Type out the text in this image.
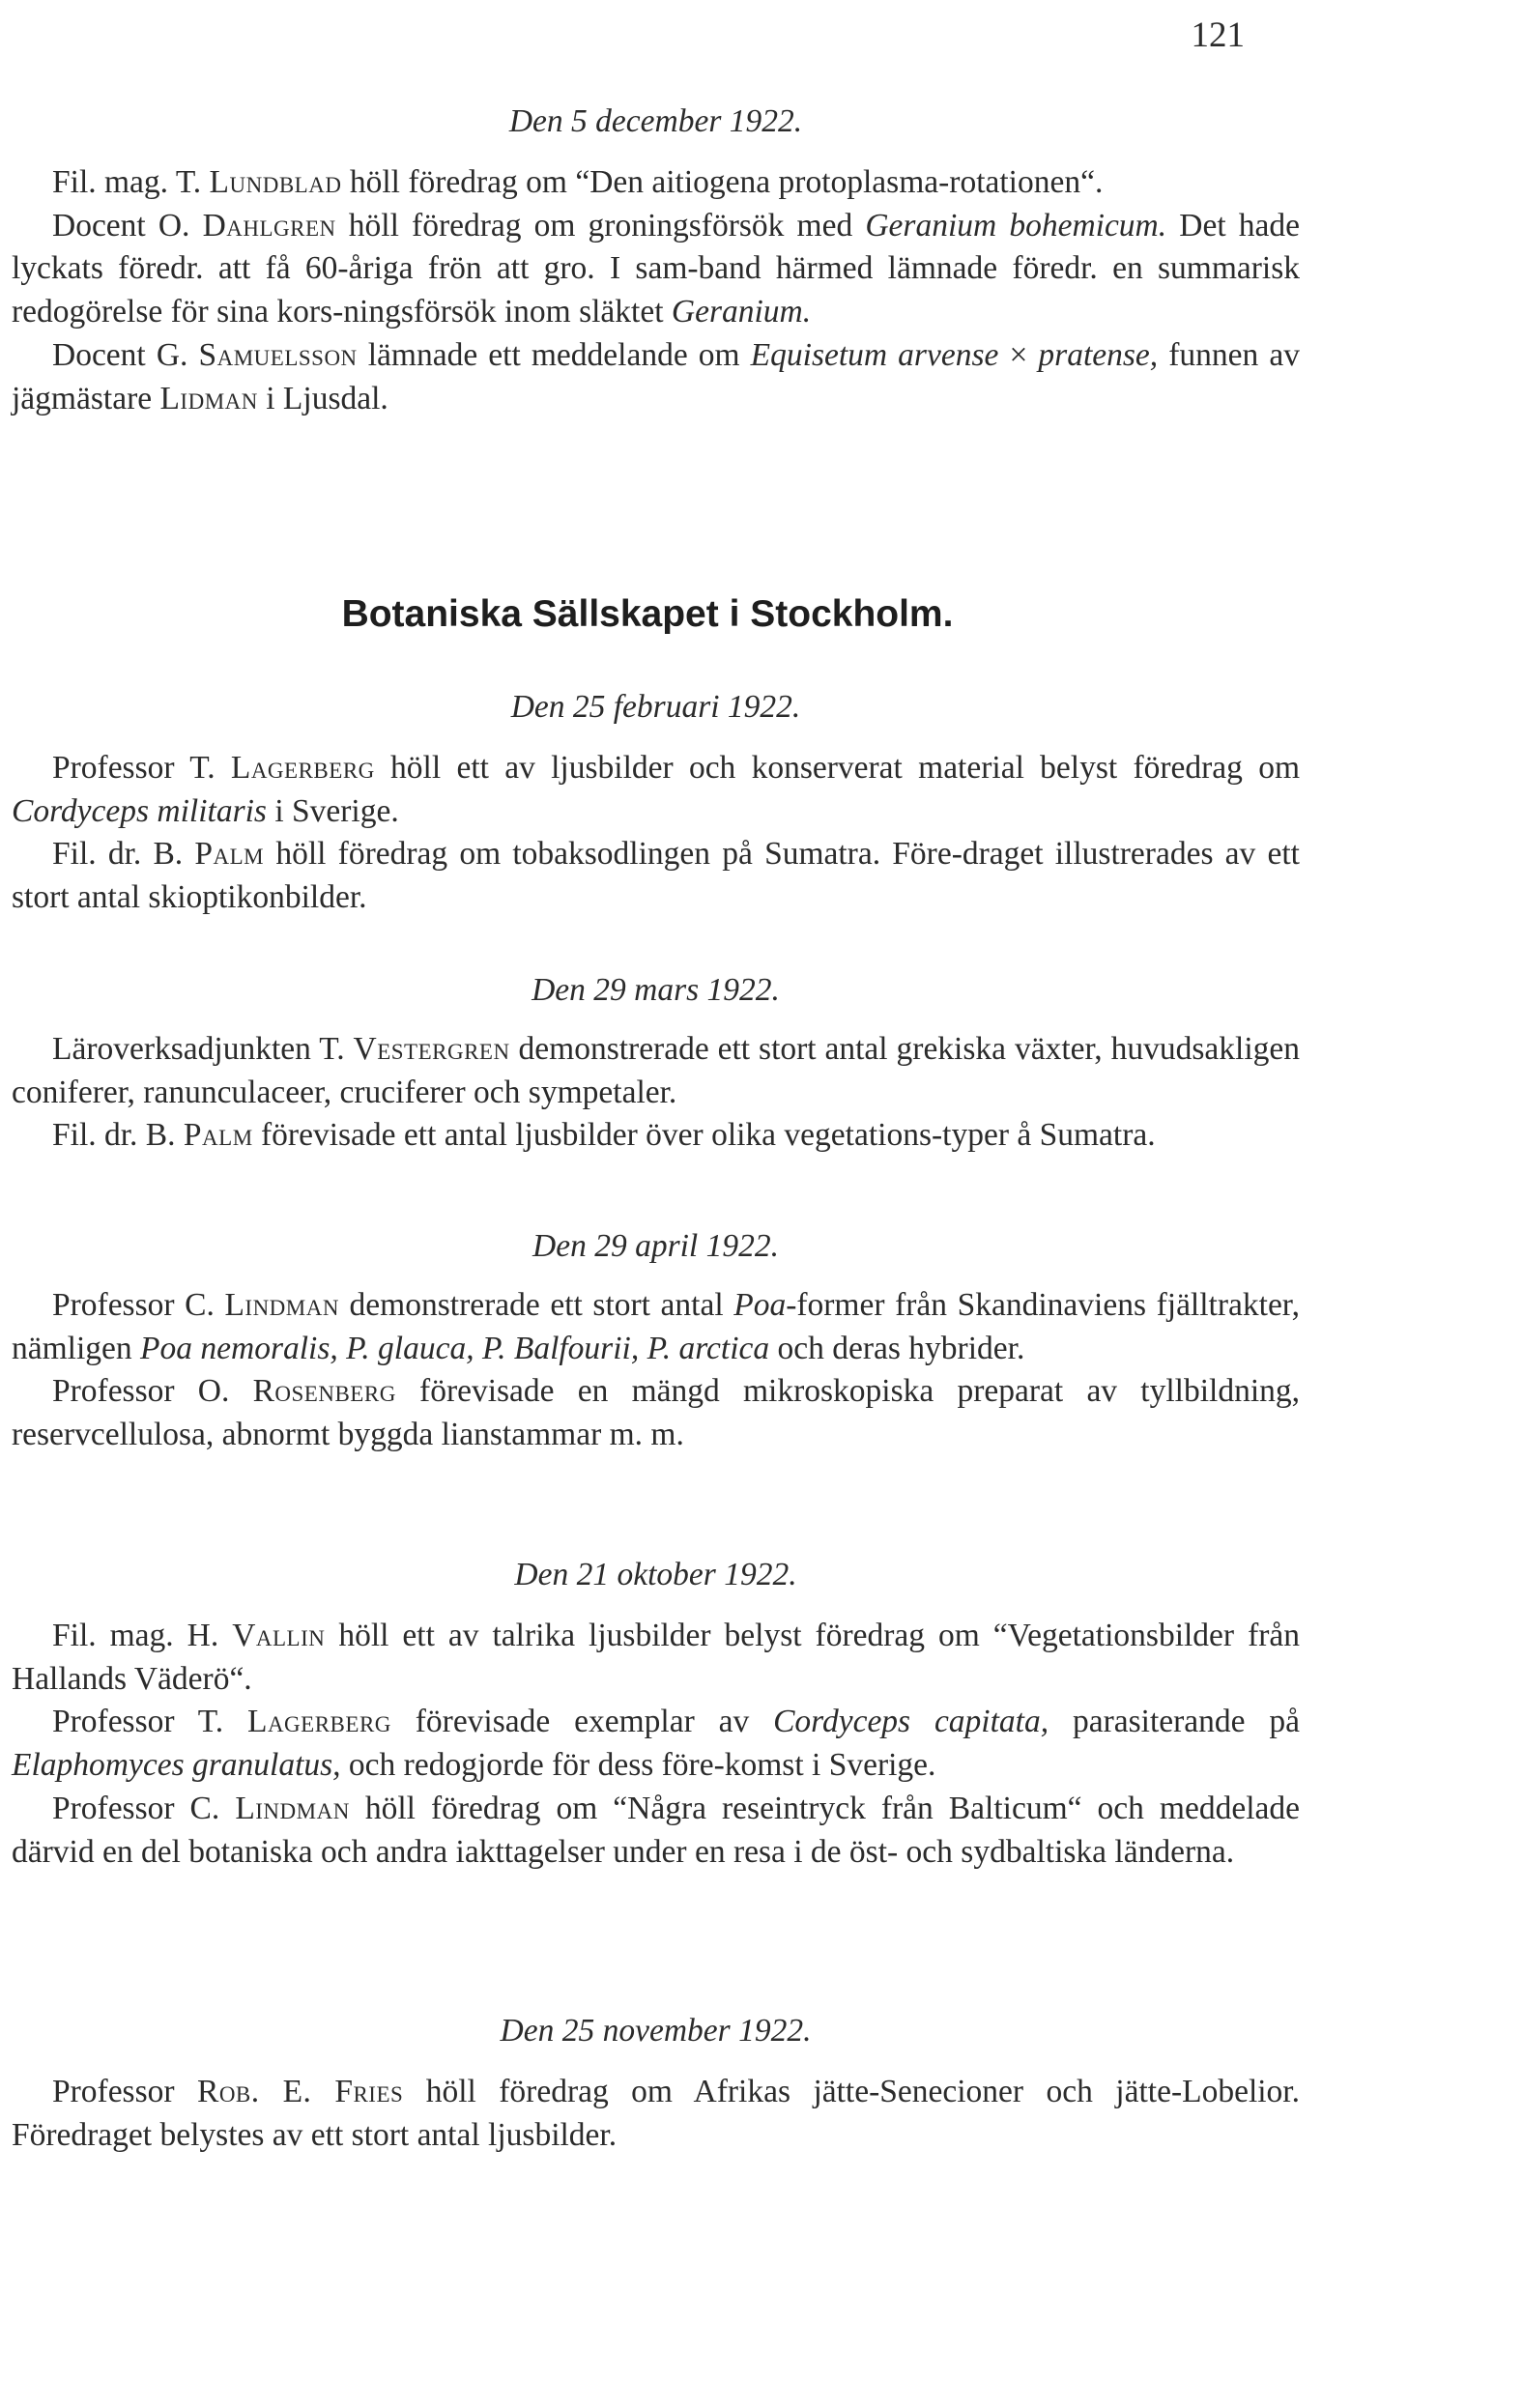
121

Den 5 december 1922.

Fil. mag. T. Lundblad höll föredrag om “Den aitiogena protoplasma-rotationen“.

Docent O. Dahlgren höll föredrag om groningsförsök med Geranium bohemicum. Det hade lyckats föredr. att få 60-åriga frön att gro. I sam-band härmed lämnade föredr. en summarisk redogörelse för sina kors-ningsförsök inom släktet Geranium.

Docent G. Samuelsson lämnade ett meddelande om Equisetum arvense × pratense, funnen av jägmästare Lidman i Ljusdal.

Botaniska Sällskapet i Stockholm.

Den 25 februari 1922.

Professor T. Lagerberg höll ett av ljusbilder och konserverat material belyst föredrag om Cordyceps militaris i Sverige.

Fil. dr. B. Palm höll föredrag om tobaksodlingen på Sumatra. Före-draget illustrerades av ett stort antal skioptikonbilder.

Den 29 mars 1922.

Läroverksadjunkten T. Vestergren demonstrerade ett stort antal grekiska växter, huvudsakligen coniferer, ranunculaceer, cruciferer och sympetaler.

Fil. dr. B. Palm förevisade ett antal ljusbilder över olika vegetations-typer å Sumatra.

Den 29 april 1922.

Professor C. Lindman demonstrerade ett stort antal Poa-former från Skandinaviens fjälltrakter, nämligen Poa nemoralis, P. glauca, P. Balfourii, P. arctica och deras hybrider.

Professor O. Rosenberg förevisade en mängd mikroskopiska preparat av tyllbildning, reservcellulosa, abnormt byggda lianstammar m. m.

Den 21 oktober 1922.

Fil. mag. H. Vallin höll ett av talrika ljusbilder belyst föredrag om “Vegetationsbilder från Hallands Väderö“.

Professor T. Lagerberg förevisade exemplar av Cordyceps capitata, parasiterande på Elaphomyces granulatus, och redogjorde för dess före-komst i Sverige.

Professor C. Lindman höll föredrag om “Några reseintryck från Balticum“ och meddelade därvid en del botaniska och andra iakttagelser under en resa i de öst- och sydbaltiska länderna.

Den 25 november 1922.

Professor Rob. E. Fries höll föredrag om Afrikas jätte-Senecioner och jätte-Lobelior. Föredraget belystes av ett stort antal ljusbilder.
